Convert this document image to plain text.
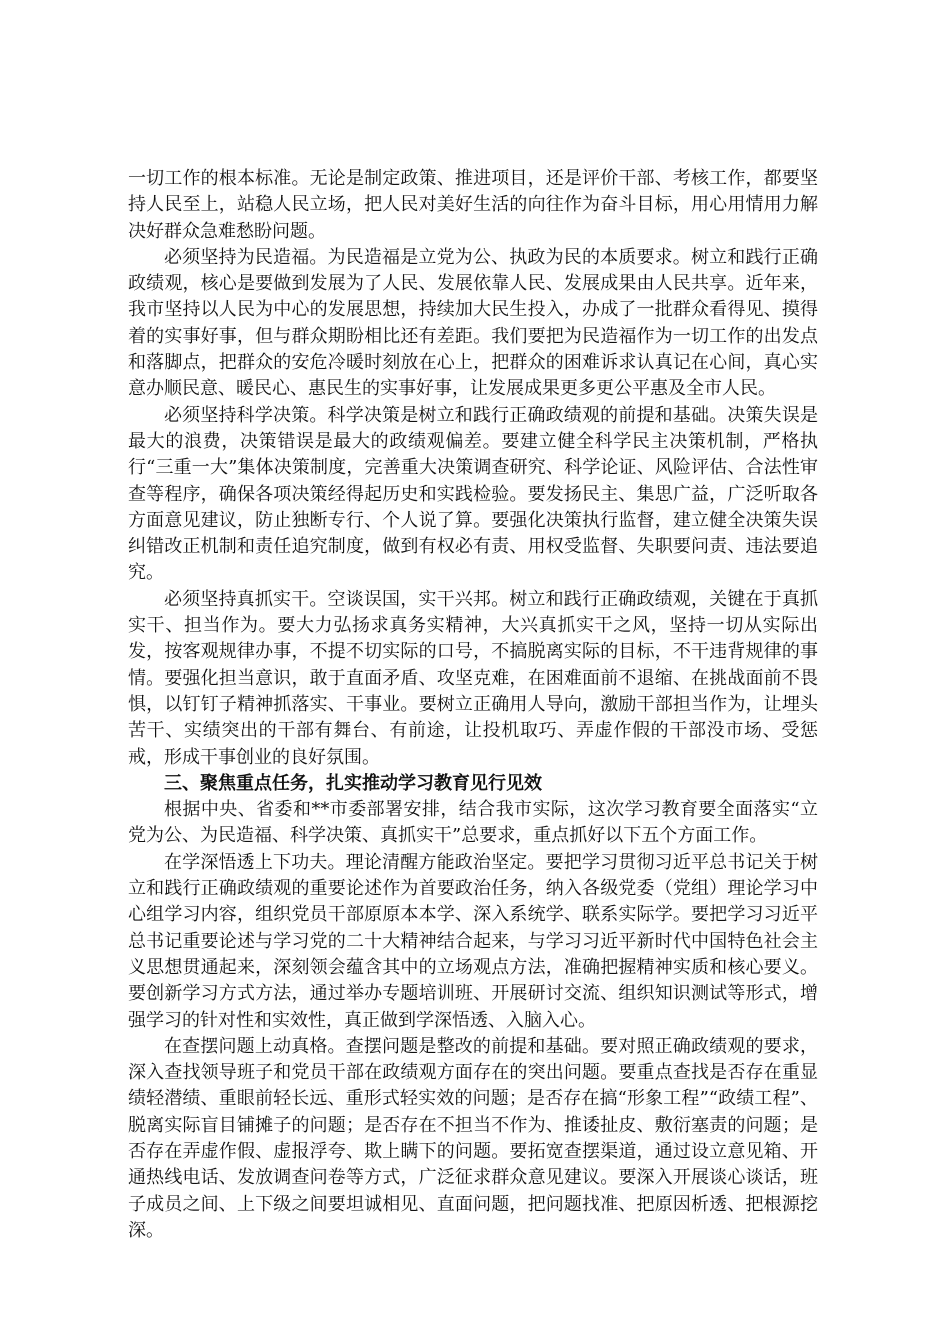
一切工作的根本标准。无论是制定政策、推进项目，还是评价干部、考核工作，都要坚持人民至上，站稳人民立场，把人民对美好生活的向往作为奋斗目标，用心用情用力解决好群众急难愁盼问题。

必须坚持为民造福。为民造福是立党为公、执政为民的本质要求。树立和践行正确政绩观，核心是要做到发展为了人民、发展依靠人民、发展成果由人民共享。近年来，我市坚持以人民为中心的发展思想，持续加大民生投入，办成了一批群众看得见、摸得着的实事好事，但与群众期盼相比还有差距。我们要把为民造福作为一切工作的出发点和落脚点，把群众的安危冷暖时刻放在心上，把群众的困难诉求认真记在心间，真心实意办顺民意、暖民心、惠民生的实事好事，让发展成果更多更公平惠及全市人民。

必须坚持科学决策。科学决策是树立和践行正确政绩观的前提和基础。决策失误是最大的浪费，决策错误是最大的政绩观偏差。要建立健全科学民主决策机制，严格执行“三重一大”集体决策制度，完善重大决策调查研究、科学论证、风险评估、合法性审查等程序，确保各项决策经得起历史和实践检验。要发扬民主、集思广益，广泛听取各方面意见建议，防止独断专行、个人说了算。要强化决策执行监督，建立健全决策失误纠错改正机制和责任追究制度，做到有权必有责、用权受监督、失职要问责、违法要追究。

必须坚持真抓实干。空谈误国，实干兴邦。树立和践行正确政绩观，关键在于真抓实干、担当作为。要大力弘扬求真务实精神，大兴真抓实干之风，坚持一切从实际出发，按客观规律办事，不提不切实际的口号，不搞脱离实际的目标，不干违背规律的事情。要强化担当意识，敢于直面矛盾、攻坚克难，在困难面前不退缩、在挑战面前不畏惧，以钉钉子精神抓落实、干事业。要树立正确用人导向，激励干部担当作为，让埋头苦干、实绩突出的干部有舞台、有前途，让投机取巧、弄虚作假的干部没市场、受惩戒，形成干事创业的良好氛围。

三、聚焦重点任务，扎实推动学习教育见行见效

根据中央、省委和**市委部署安排，结合我市实际，这次学习教育要全面落实“立党为公、为民造福、科学决策、真抓实干”总要求，重点抓好以下五个方面工作。

在学深悟透上下功夫。理论清醒方能政治坚定。要把学习贯彻习近平总书记关于树立和践行正确政绩观的重要论述作为首要政治任务，纳入各级党委（党组）理论学习中心组学习内容，组织党员干部原原本本学、深入系统学、联系实际学。要把学习习近平总书记重要论述与学习党的二十大精神结合起来，与学习习近平新时代中国特色社会主义思想贯通起来，深刻领会蕴含其中的立场观点方法，准确把握精神实质和核心要义。要创新学习方式方法，通过举办专题培训班、开展研讨交流、组织知识测试等形式，增强学习的针对性和实效性，真正做到学深悟透、入脑入心。

在查摆问题上动真格。查摆问题是整改的前提和基础。要对照正确政绩观的要求，深入查找领导班子和党员干部在政绩观方面存在的突出问题。要重点查找是否存在重显绩轻潜绩、重眼前轻长远、重形式轻实效的问题；是否存在搞“形象工程”“政绩工程”、脱离实际盲目铺摊子的问题；是否存在不担当不作为、推诿扯皮、敷衍塞责的问题；是否存在弄虚作假、虚报浮夸、欺上瞒下的问题。要拓宽查摆渠道，通过设立意见箱、开通热线电话、发放调查问卷等方式，广泛征求群众意见建议。要深入开展谈心谈话，班子成员之间、上下级之间要坦诚相见、直面问题，把问题找准、把原因析透、把根源挖深。
